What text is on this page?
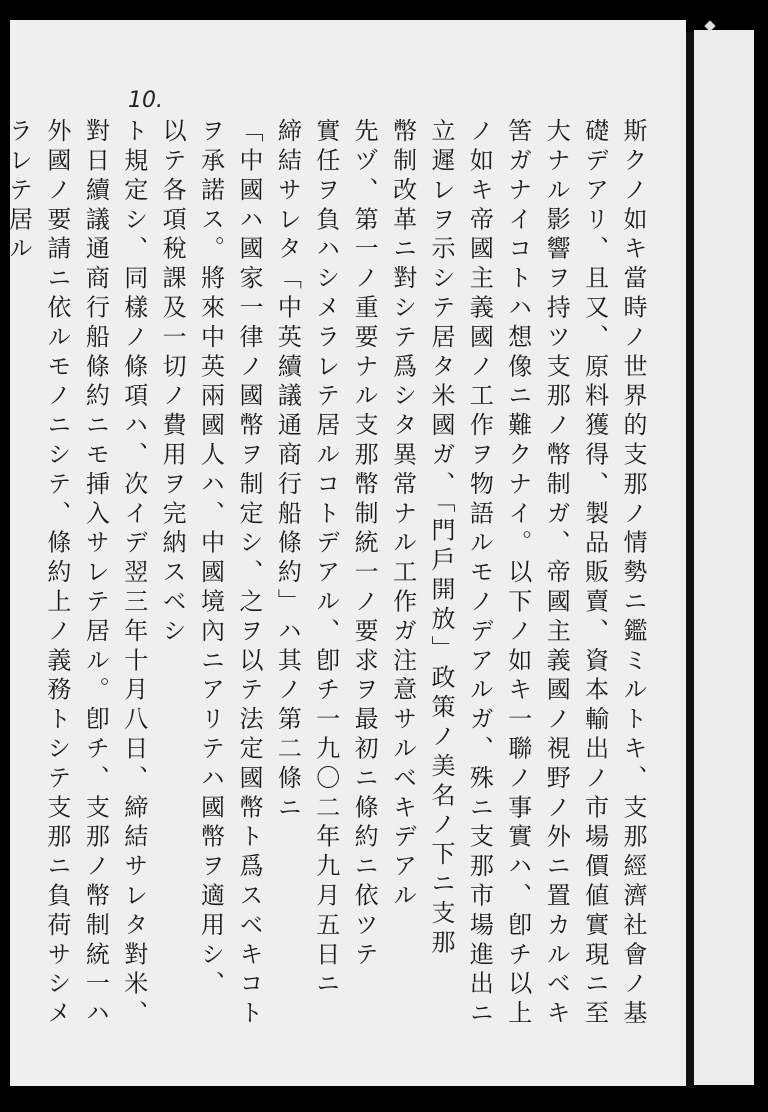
10.
斯クノ如キ當時ノ世界的支那ノ情勢ニ鑑ミルトキ、支那經濟社會ノ基
礎デアリ、且又、原料獲得、製品販賣、資本輸出ノ市場價値實現ニ至
大ナル影響ヲ持ツ支那ノ幣制ガ、帝國主義國ノ視野ノ外ニ置カルベキ
筈ガナイコトハ想像ニ難クナイ。以下ノ如キ一聯ノ事實ハ、卽チ以上
ノ如キ帝國主義國ノ工作ヲ物語ルモノデアルガ、殊ニ支那市場進出ニ
立遲レヲ示シテ居タ米國ガ、「門戶開放」政策ノ美名ノ下ニ支那
幣制改革ニ對シテ爲シタ異常ナル工作ガ注意サルベキデアル
先ヅ、第一ノ重要ナル支那幣制統一ノ要求ヲ最初ニ條約ニ依ツテ
實任ヲ負ハシメラレテ居ルコトデアル、卽チ一九〇二年九月五日ニ
締結サレタ「中英續議通商行船條約」ハ其ノ第二條ニ
「中國ハ國家一律ノ國幣ヲ制定シ、之ヲ以テ法定國幣ト爲スベキコト
ヲ承諾ス。將來中英兩國人ハ、中國境內ニアリテハ國幣ヲ適用シ、
以テ各項稅課及一切ノ費用ヲ完納スベシ
ト規定シ、同樣ノ條項ハ、次イデ翌三年十月八日、締結サレタ對米、
對日續議通商行船條約ニモ挿入サレテ居ル。卽チ、支那ノ幣制統一ハ
外國ノ要請ニ依ルモノニシテ、條約上ノ義務トシテ支那ニ負荷サシメ
ラレテ居ル
